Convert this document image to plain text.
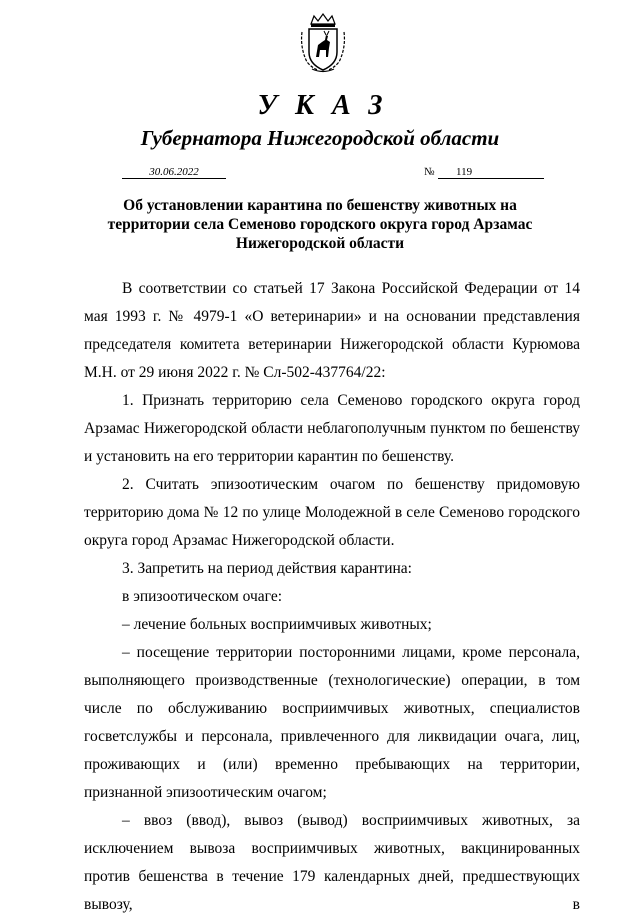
УКАЗ
Губернатора Нижегородской области
30.06.2022	№	119
Об установлении карантина по бешенству животных на территории села Семеново городского округа город Арзамас Нижегородской области

В соответствии со статьей 17 Закона Российской Федерации от 14 мая 1993 г. № 4979-1 «О ветеринарии» и на основании представления председателя комитета ветеринарии Нижегородской области Курюмова М.Н. от 29 июня 2022 г. № Сл-502-437764/22:

1. Признать территорию села Семеново городского округа город Арзамас Нижегородской области неблагополучным пунктом по бешенству и установить на его территории карантин по бешенству.

2. Считать эпизоотическим очагом по бешенству придомовую территорию дома № 12 по улице Молодежной в селе Семеново городского округа город Арзамас Нижегородской области.

3. Запретить на период действия карантина:

в эпизоотическом очаге:

– лечение больных восприимчивых животных;

– посещение территории посторонними лицами, кроме персонала, выполняющего производственные (технологические) операции, в том числе по обслуживанию восприимчивых животных, специалистов госветслужбы и персонала, привлеченного для ликвидации очага, лиц, проживающих и (или) временно пребывающих на территории, признанной эпизоотическим очагом;

– ввоз (ввод), вывоз (вывод) восприимчивых животных, за исключением вывоза восприимчивых животных, вакцинированных против бешенства в течение 179 календарных дней, предшествующих вывозу, в
